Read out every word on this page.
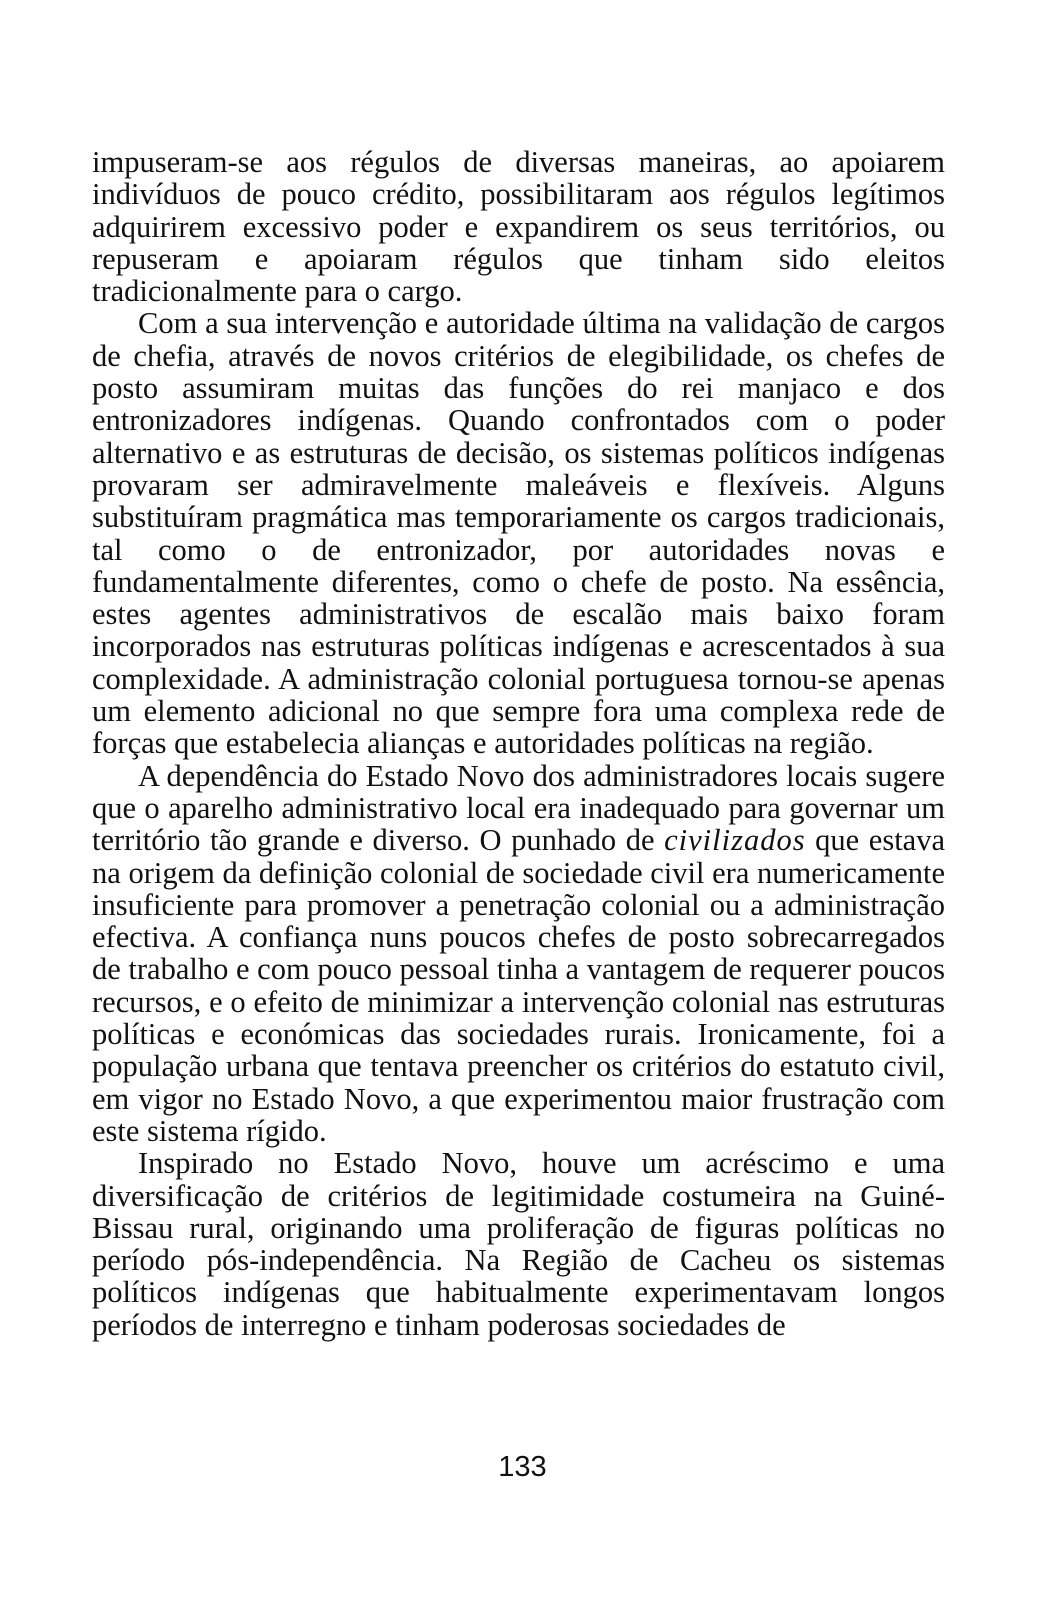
impuseram-se aos régulos de diversas maneiras, ao apoiarem indivíduos de pouco crédito, possibilitaram aos régulos legítimos adquirirem excessivo poder e expandirem os seus territórios, ou repuseram e apoiaram régulos que tinham sido eleitos tradicionalmente para o cargo.

Com a sua intervenção e autoridade última na validação de cargos de chefia, através de novos critérios de elegibilidade, os chefes de posto assumiram muitas das funções do rei manjaco e dos entronizadores indígenas. Quando confrontados com o poder alternativo e as estruturas de decisão, os sistemas políticos indígenas provaram ser admiravelmente maleáveis e flexíveis. Alguns substituíram pragmática mas temporariamente os cargos tradicionais, tal como o de entronizador, por autoridades novas e fundamentalmente diferentes, como o chefe de posto. Na essência, estes agentes administrativos de escalão mais baixo foram incorporados nas estruturas políticas indígenas e acrescentados à sua complexidade. A administração colonial portuguesa tornou-se apenas um elemento adicional no que sempre fora uma complexa rede de forças que estabelecia alianças e autoridades políticas na região.

A dependência do Estado Novo dos administradores locais sugere que o aparelho administrativo local era inadequado para governar um território tão grande e diverso. O punhado de civilizados que estava na origem da definição colonial de sociedade civil era numericamente insuficiente para promover a penetração colonial ou a administração efectiva. A confiança nuns poucos chefes de posto sobrecarregados de trabalho e com pouco pessoal tinha a vantagem de requerer poucos recursos, e o efeito de minimizar a intervenção colonial nas estruturas políticas e económicas das sociedades rurais. Ironicamente, foi a população urbana que tentava preencher os critérios do estatuto civil, em vigor no Estado Novo, a que experimentou maior frustração com este sistema rígido.

Inspirado no Estado Novo, houve um acréscimo e uma diversificação de critérios de legitimidade costumeira na Guiné-Bissau rural, originando uma proliferação de figuras políticas no período pós-independência. Na Região de Cacheu os sistemas políticos indígenas que habitualmente experimentavam longos períodos de interregno e tinham poderosas sociedades de

133
